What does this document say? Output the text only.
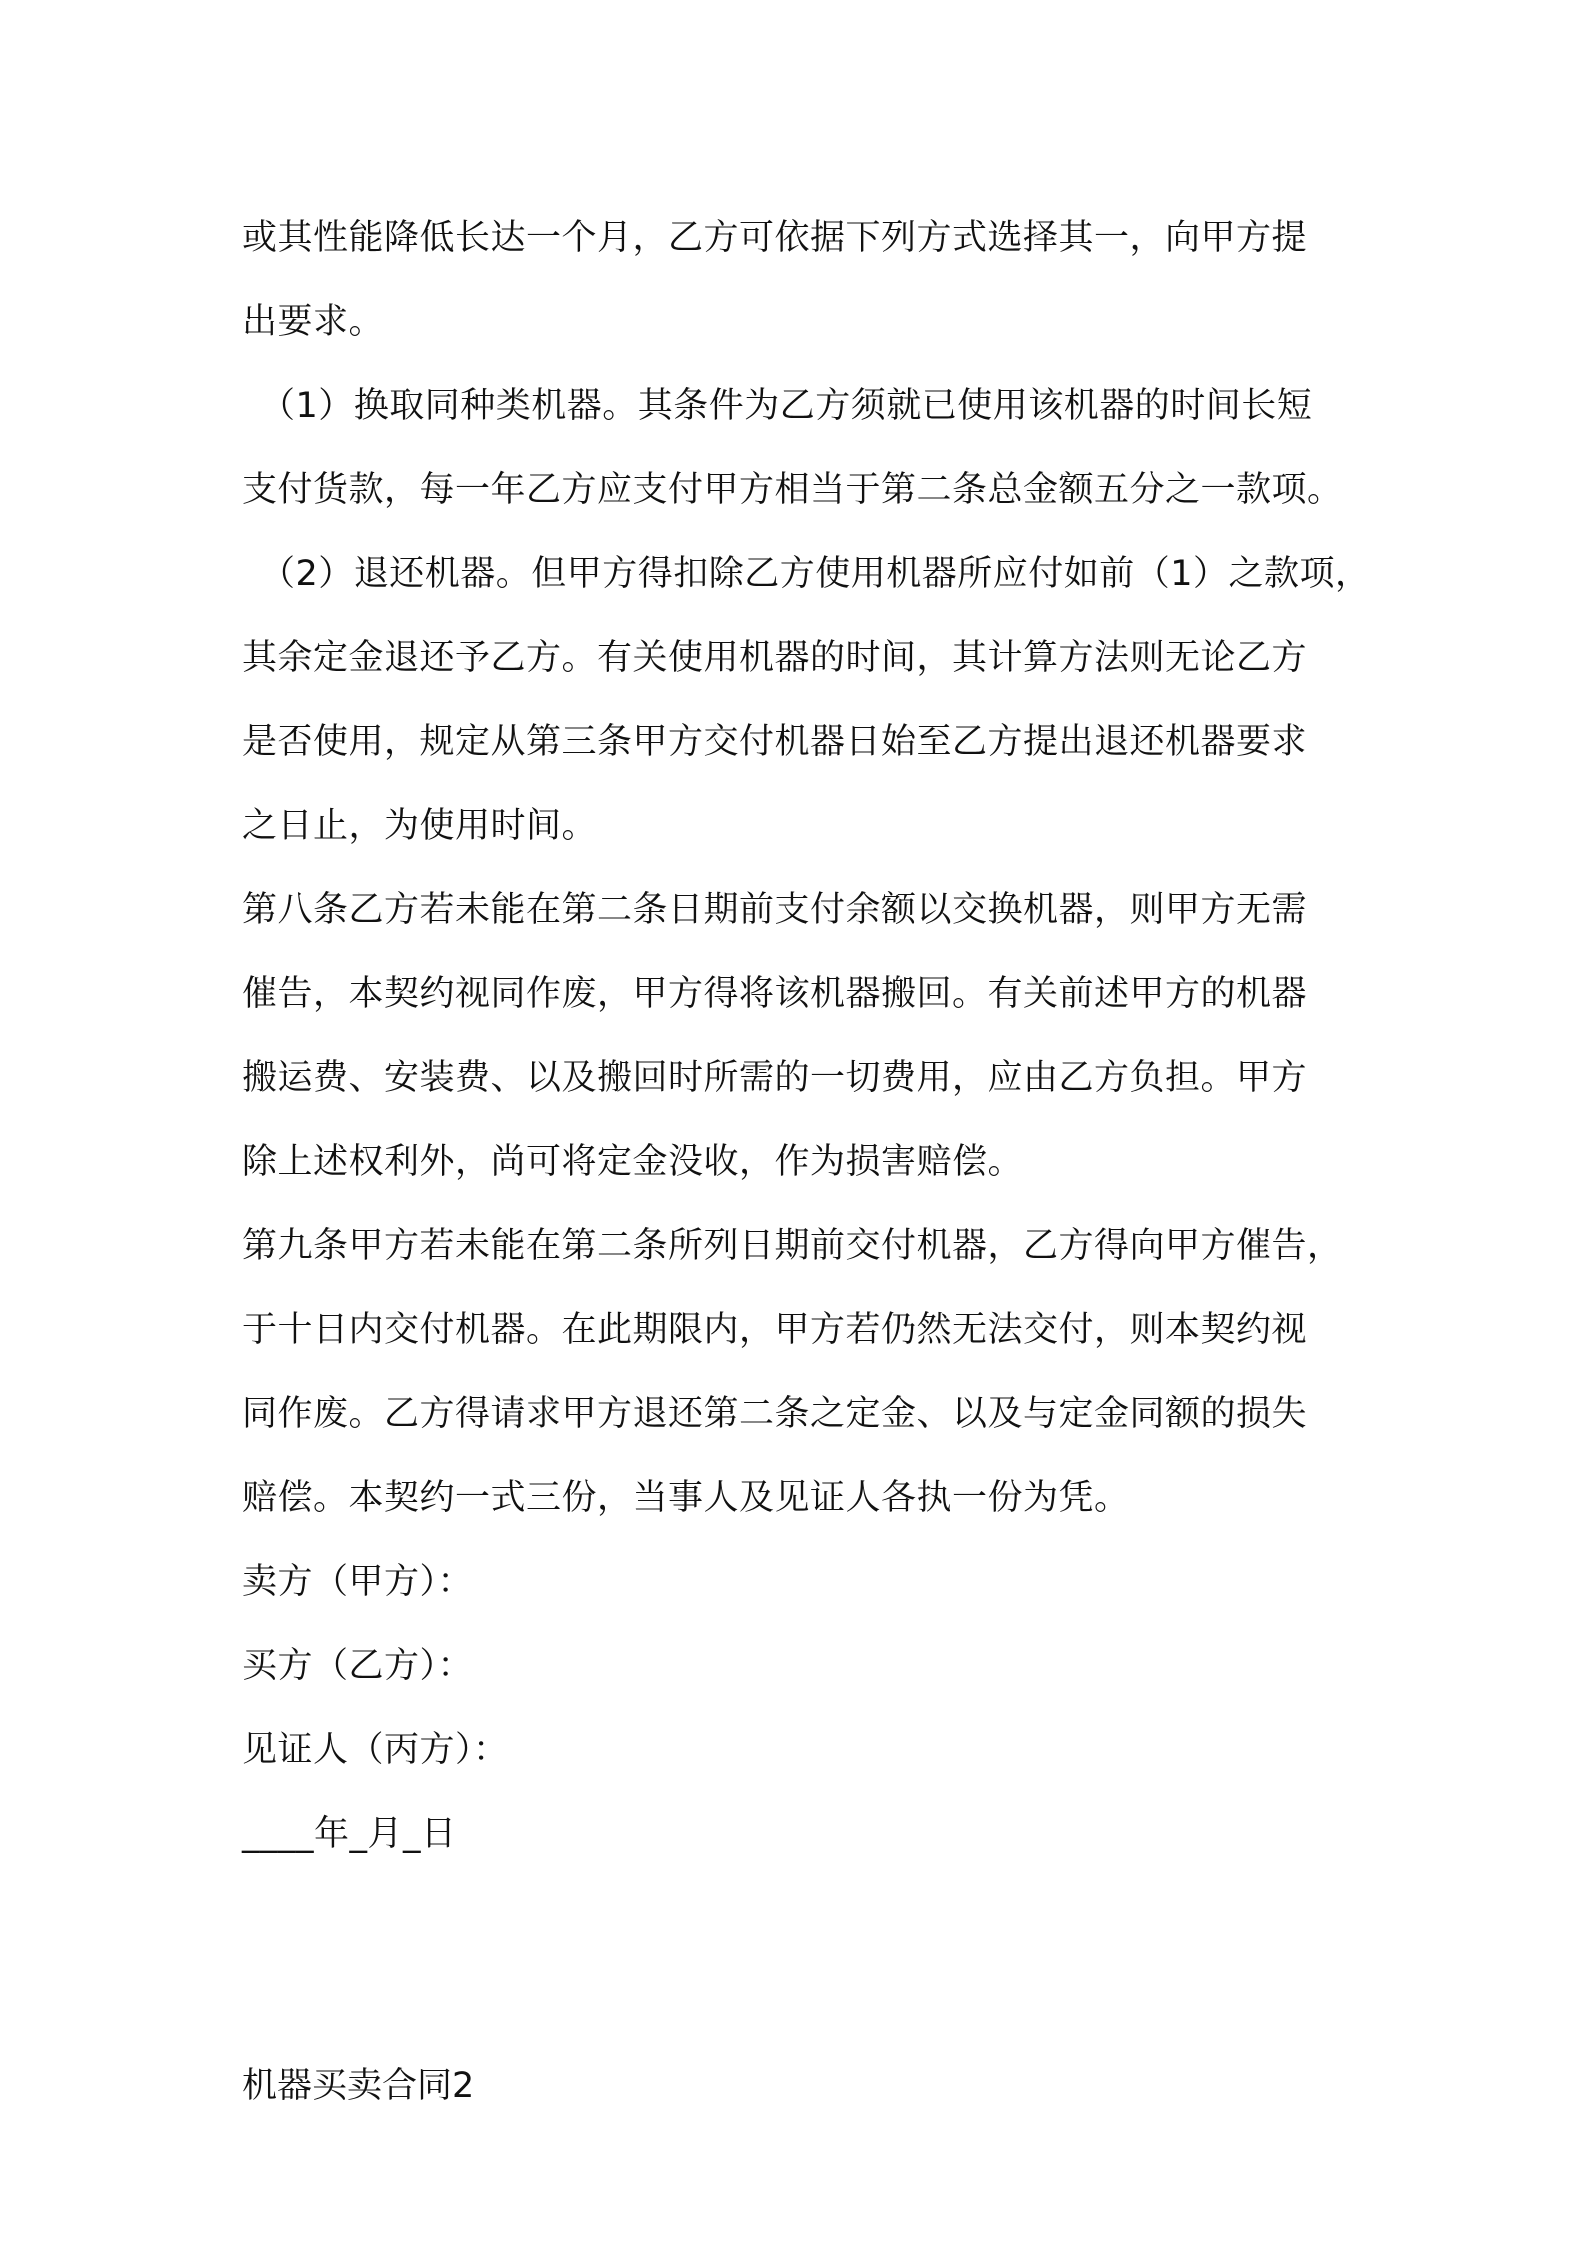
或其性能降低长达一个月，乙方可依据下列方式选择其一，向甲方提
出要求。
（1）换取同种类机器。其条件为乙方须就已使用该机器的时间长短
支付货款，每一年乙方应支付甲方相当于第二条总金额五分之一款项。
（2）退还机器。但甲方得扣除乙方使用机器所应付如前（1）之款项，
其余定金退还予乙方。有关使用机器的时间，其计算方法则无论乙方
是否使用，规定从第三条甲方交付机器日始至乙方提出退还机器要求
之日止，为使用时间。
第八条乙方若未能在第二条日期前支付余额以交换机器，则甲方无需
催告，本契约视同作废，甲方得将该机器搬回。有关前述甲方的机器
搬运费、安装费、以及搬回时所需的一切费用，应由乙方负担。甲方
除上述权利外，尚可将定金没收，作为损害赔偿。
第九条甲方若未能在第二条所列日期前交付机器，乙方得向甲方催告，
于十日内交付机器。在此期限内，甲方若仍然无法交付，则本契约视
同作废。乙方得请求甲方退还第二条之定金、以及与定金同额的损失
赔偿。本契约一式三份，当事人及见证人各执一份为凭。
卖方（甲方）：
买方（乙方）：
见证人（丙方）：
____年_月_日
机器买卖合同2
